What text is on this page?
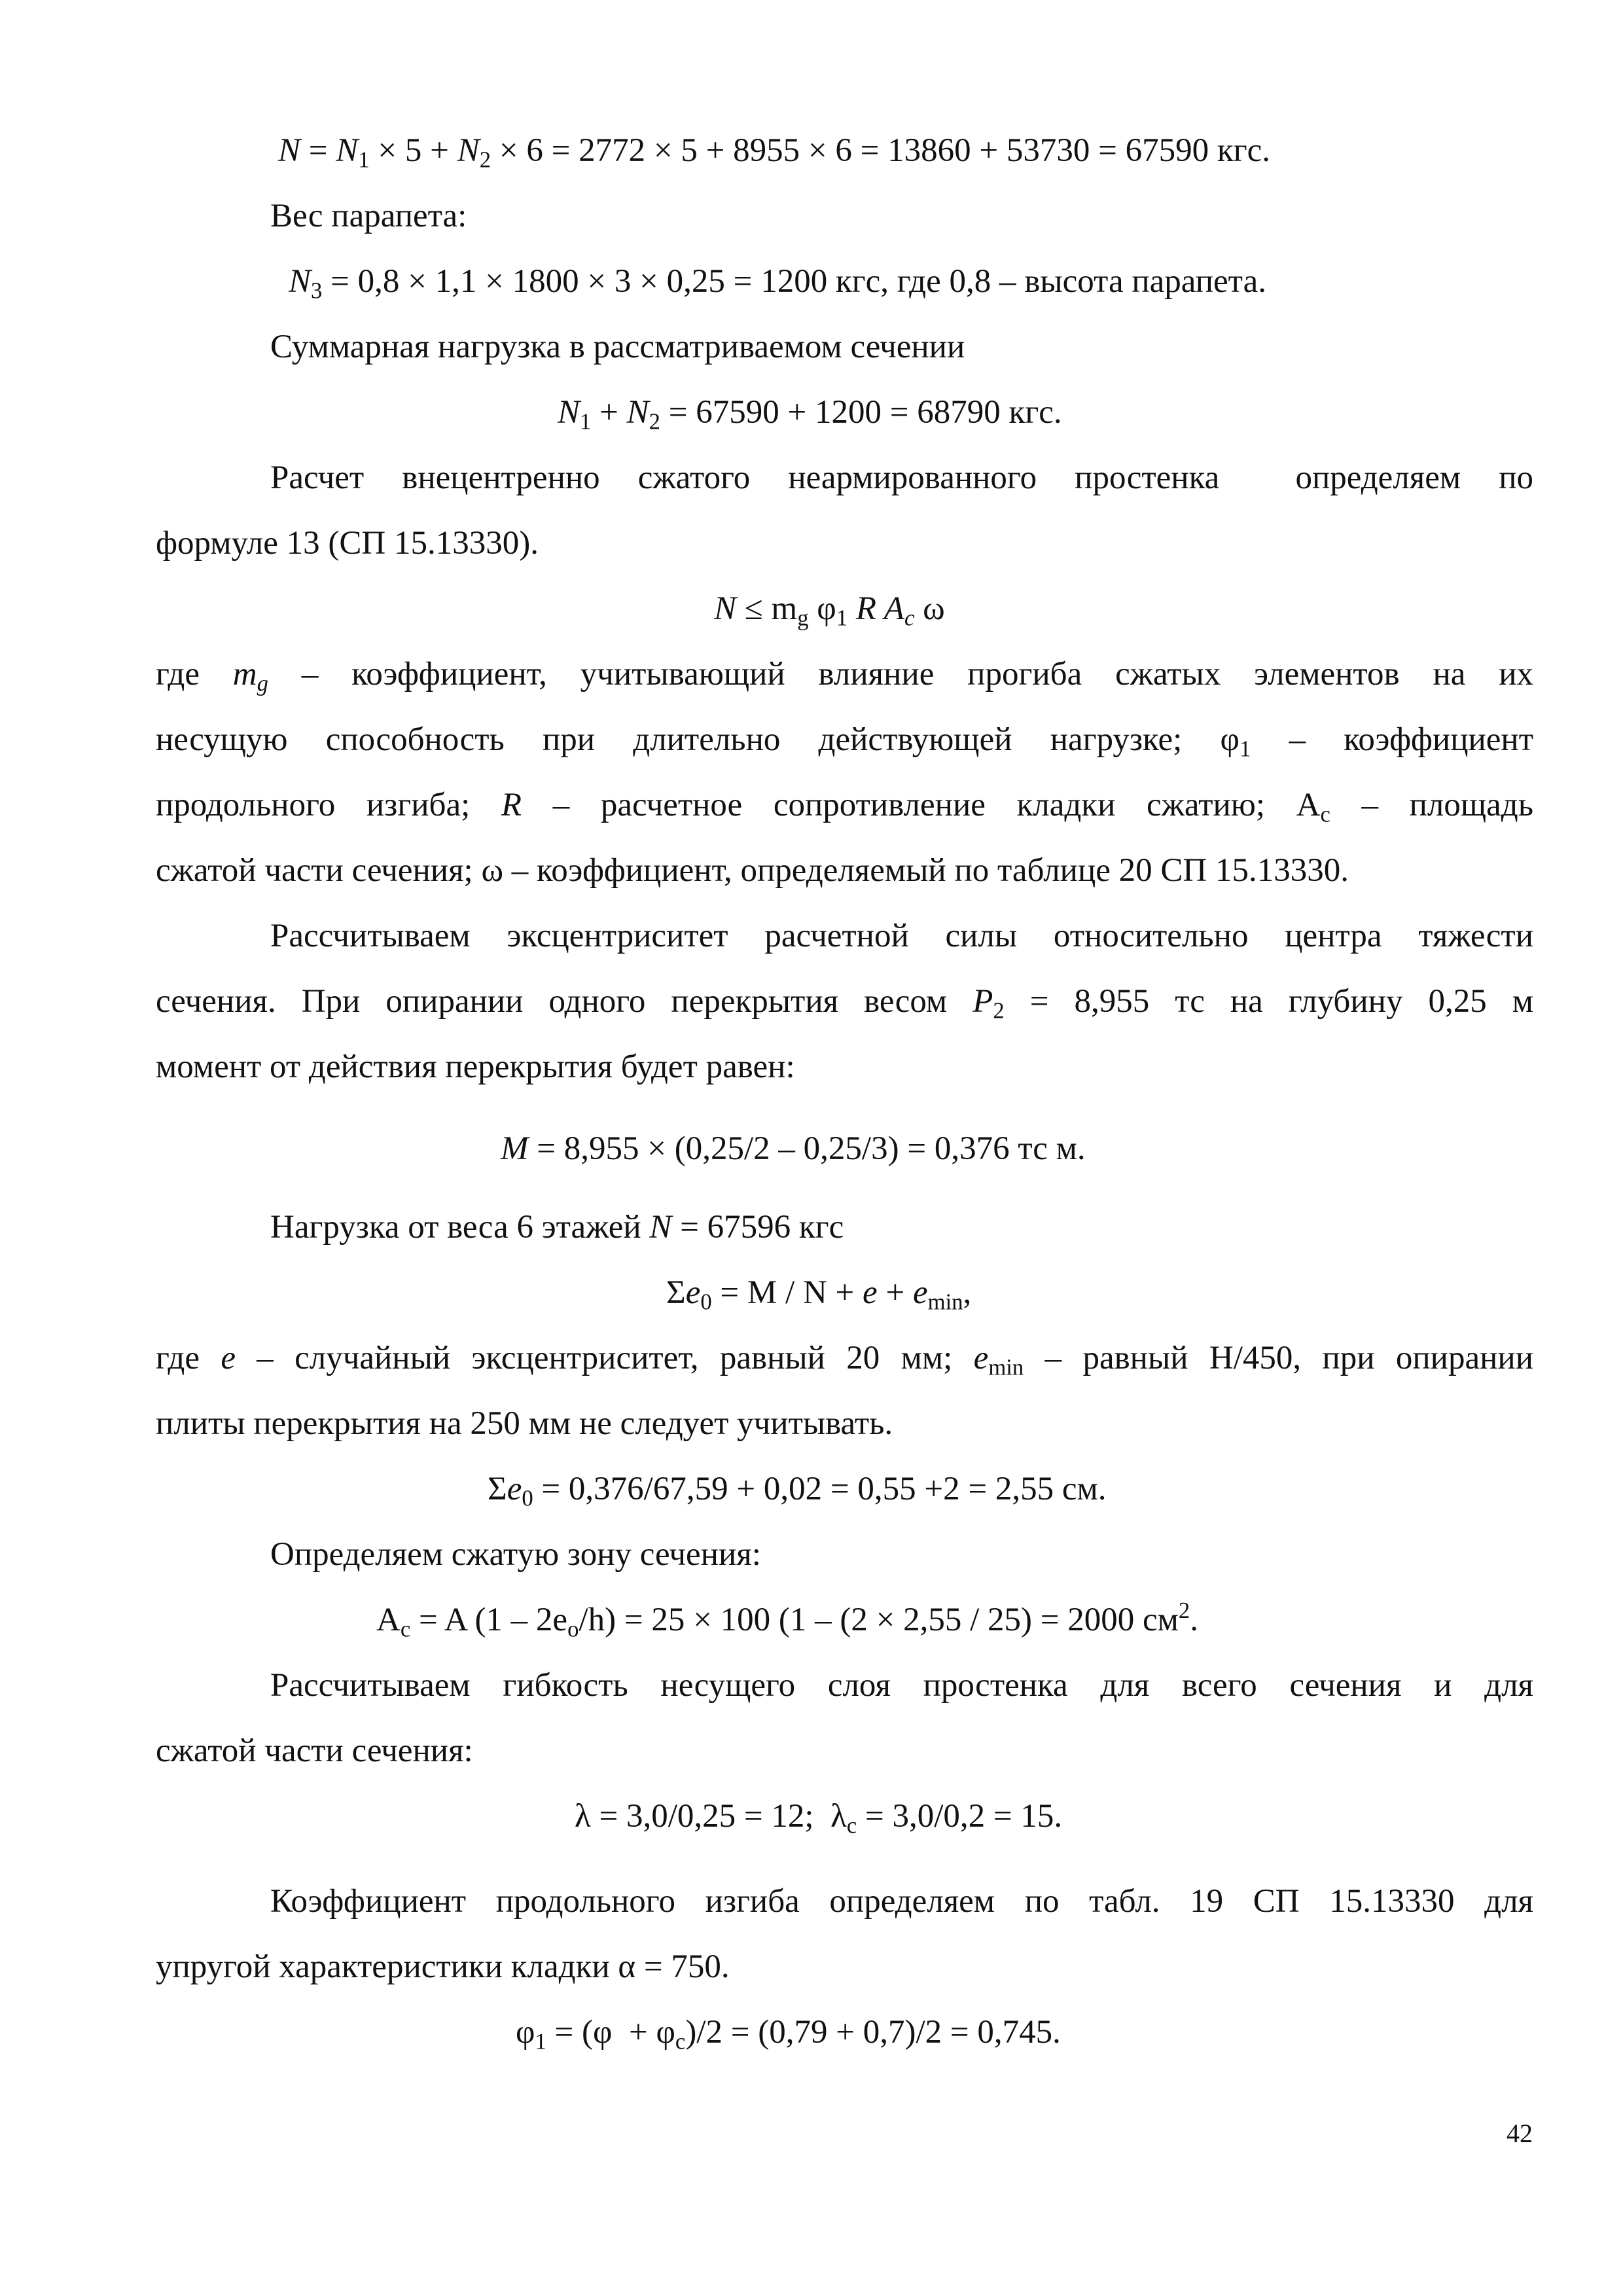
$N = N_1 \times 5 + N_2 \times 6 = 2772 \times 5 + 8955 \times 6 = 13860 + 53730 = 67590$ кгс.
Вес парапета:
$N_3 = 0,8 \times 1,1 \times 1800 \times 3 \times 0,25 = 1200$ кгс, где 0,8 – высота парапета.
Суммарная нагрузка в рассматриваемом сечении
$N_1 + N_2 = 67590 + 1200 = 68790$ кгс.
Расчет внецентренно сжатого неармированного простенка  определяем по
формуле 13 (СП 15.13330).
$N \le m_g$ $\varphi_1$ R $A_c$ ω
где $m_g$ – коэффициент, учитывающий влияние прогиба сжатых элементов на их
несущую способность при длительно действующей нагрузке; $\varphi_1$ – коэффициент
продольного изгиба; R – расчетное сопротивление кладки сжатию; $A_c$ – площадь
сжатой части сечения; ω – коэффициент, определяемый по таблице 20 СП 15.13330.
Рассчитываем эксцентриситет расчетной силы относительно центра тяжести
сечения. При опирании одного перекрытия весом $P_2 = 8,955$ тс на глубину 0,25 м
момент от действия перекрытия будет равен:
M = 8,955 × (0,25/2 – 0,25/3) = 0,376 тс м.
Нагрузка от веса 6 этажей N = 67596 кгс
$\Sigma e_0 = M / N + e + e_{min}$,
где e – случайный эксцентриситет, равный 20 мм; $e_{min}$ – равный H/450, при опирании
плиты перекрытия на 250 мм не следует учитывать.
$\Sigma e_0 = 0,376/67,59 + 0,02 = 0,55 +2 = 2,55$ см.
Определяем сжатую зону сечения:
$A_c = A$ $(1 - 2e_o/h) = 25 \times 100$ (1 – (2 × 2,55 / 25) = 2000 $см^2$.
Рассчитываем гибкость несущего слоя простенка для всего сечения и для
сжатой части сечения:
λ = 3,0/0,25 = 12;  $\lambda_c = 3,0/0,2 = 15$.
Коэффициент продольного изгиба определяем по табл. 19 СП 15.13330 для
упругой характеристики кладки α = 750.
$\varphi_1 = (\varphi + \varphi_c)/2 = (0,79 + 0,7)/2 = 0,745$.
42
